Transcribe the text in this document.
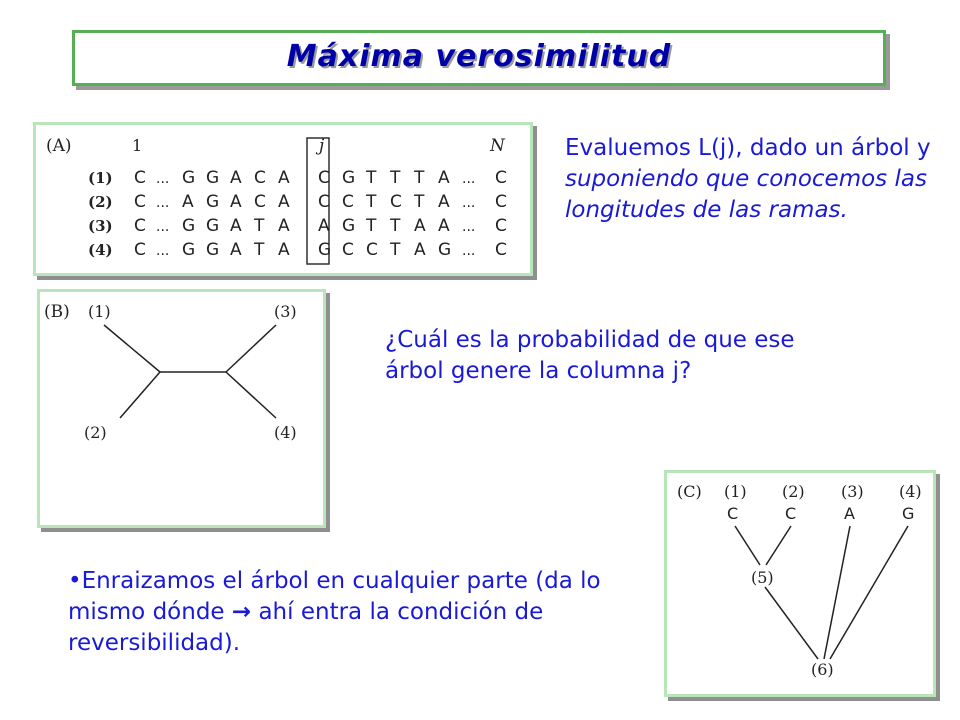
Máxima verosimilitud
(A)	1	j	N
(1) C ... G G A C A C G T T T A ... C
(2) C ... A G A C A C C T C T A ... C
(3) C ... G G A T A A G T T A A ... C
(4) C ... G G A T A G C C T A G ... C
(B) (1)
(2)
(3)
(4)
(C) (1) (2) (3) (4)
C	C	A	G
(5)
(6)
Evaluemos L(j), dado un árbol y suponiendo que conocemos las longitudes de las ramas.
¿Cuál es la probabilidad de que ese árbol genere la columna j?
•Enraizamos el árbol en cualquier parte (da lo mismo dónde → ahí entra la condición de reversibilidad).
